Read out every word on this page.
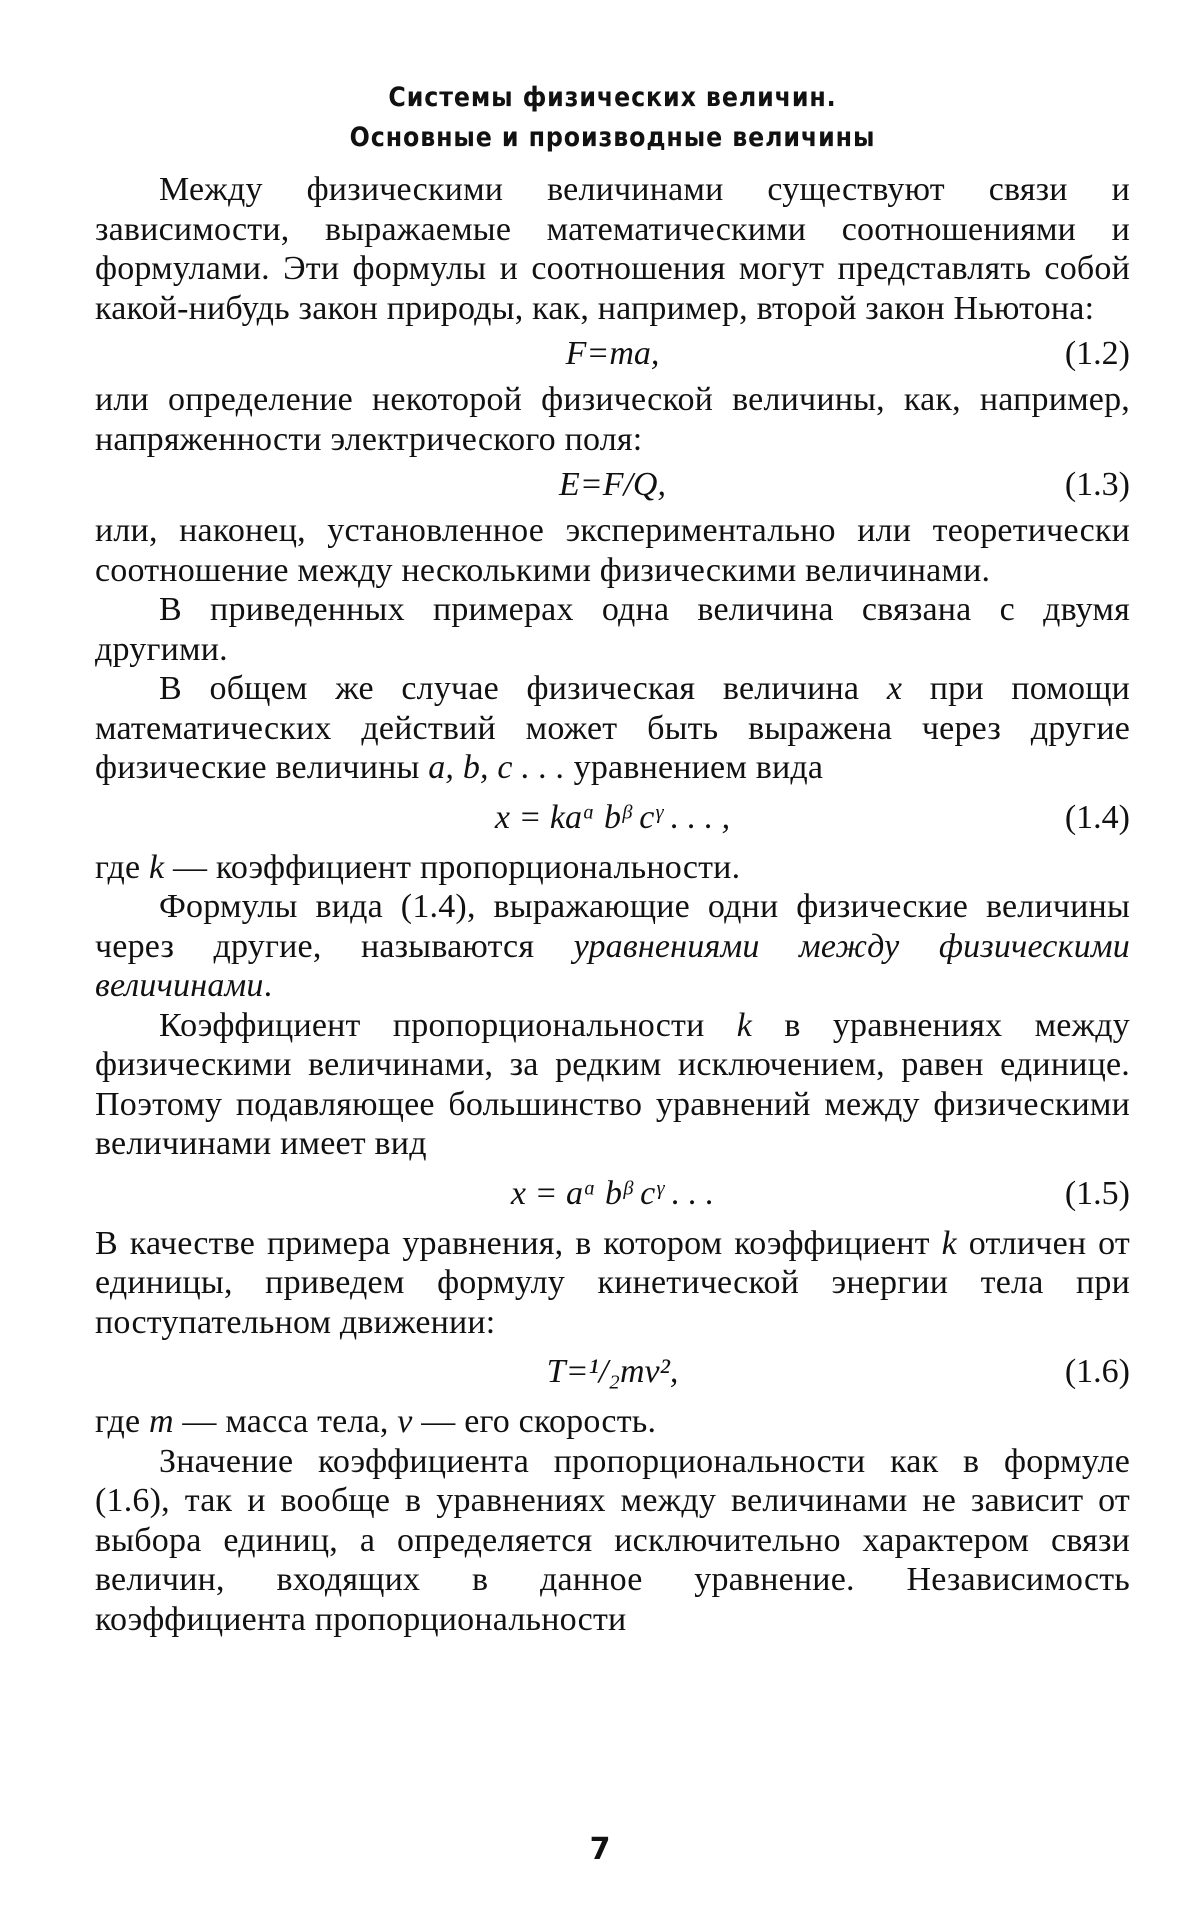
Системы физических величин.
Основные и производные величины

Между физическими величинами существуют связи и зависимости, выражаемые математическими соотношениями и формулами. Эти формулы и соотношения могут представлять собой какой-нибудь закон природы, как, например, второй закон Ньютона:

F=ma,	(1.2)

или определение некоторой физической величины, как, например, напряженности электрического поля:

E=F/Q,	(1.3)

или, наконец, установленное экспериментально или теоретически соотношение между несколькими физическими величинами.

В приведенных примерах одна величина связана с двумя другими.

В общем же случае физическая величина x при помощи математических действий может быть выражена через другие физические величины a, b, c . . . уравнением вида

x = kaᵅ bᵝ cᵞ . . . ,	(1.4)

где k — коэффициент пропорциональности.

Формулы вида (1.4), выражающие одни физические величины через другие, называются уравнениями между физическими величинами.

Коэффициент пропорциональности k в уравнениях между физическими величинами, за редким исключением, равен единице. Поэтому подавляющее большинство уравнений между физическими величинами имеет вид

x = aᵅ bᵝ cᵞ . . .	(1.5)

В качестве примера уравнения, в котором коэффициент k отличен от единицы, приведем формулу кинетической энергии тела при поступательном движении:

T=¹/₂mv²,	(1.6)

где m — масса тела, v — его скорость.

Значение коэффициента пропорциональности как в формуле (1.6), так и вообще в уравнениях между величинами не зависит от выбора единиц, а определяется исключительно характером связи величин, входящих в данное уравнение. Независимость коэффициента пропорциональности

7
